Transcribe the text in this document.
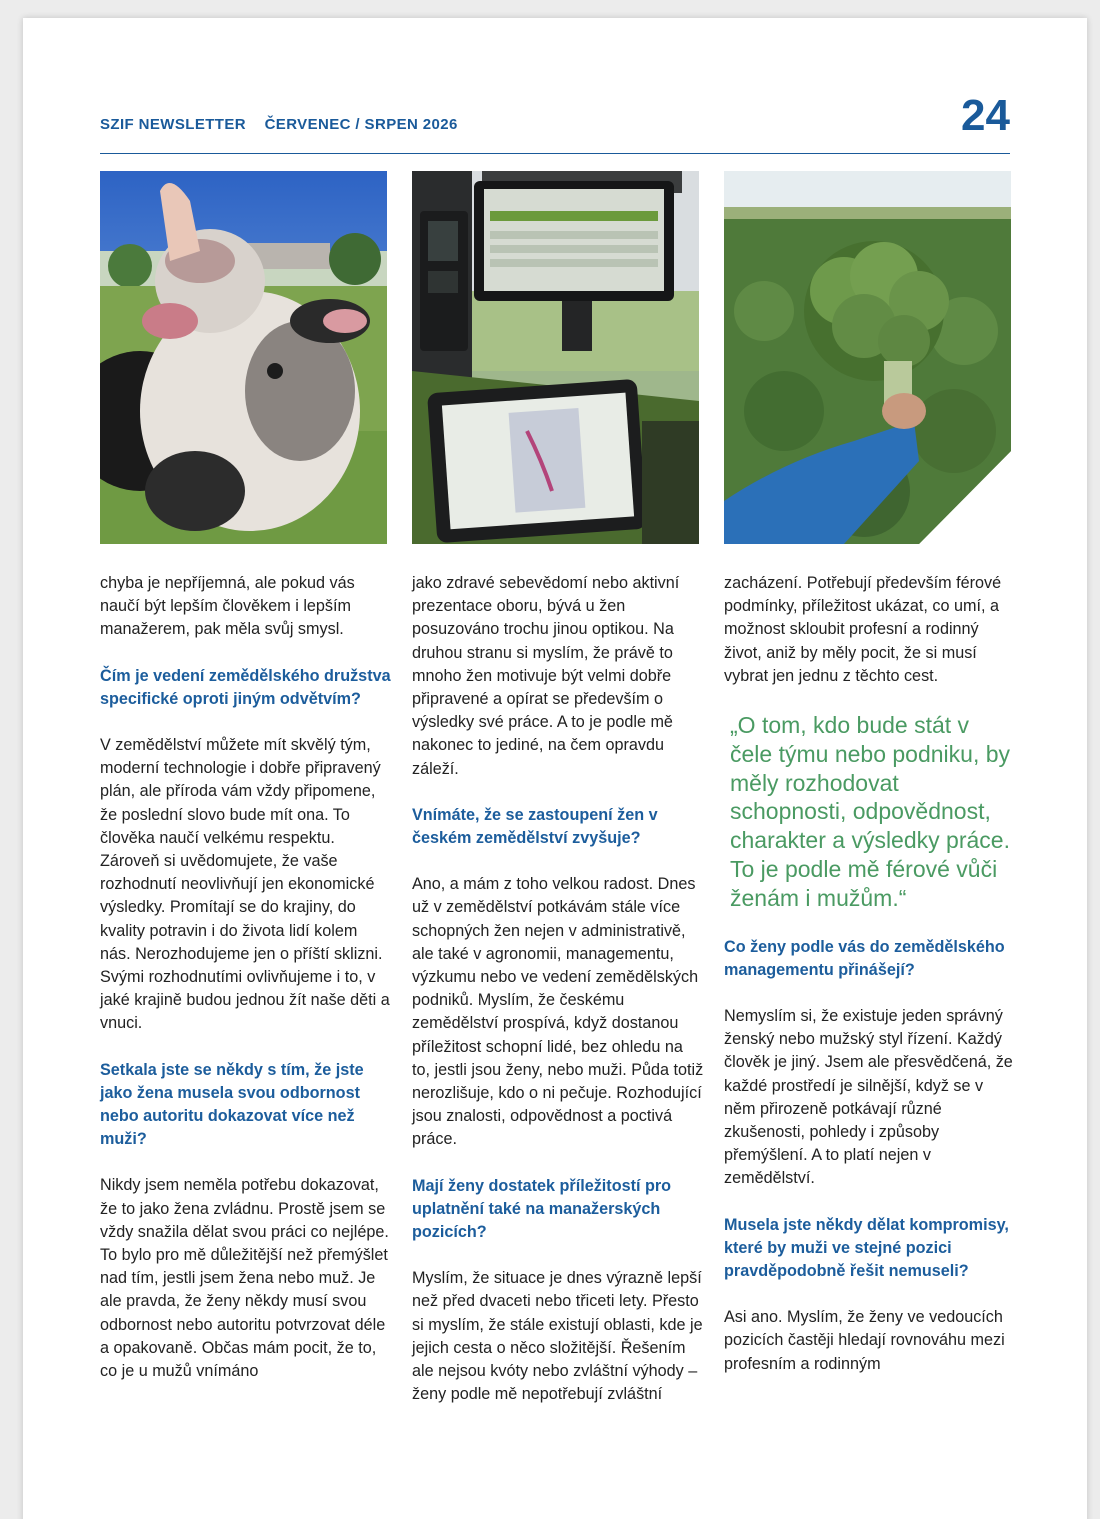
SZIF NEWSLETTER ČERVENEC / SRPEN 2026	24

chyba je nepříjemná, ale pokud vás naučí být lepším člověkem i lepším manažerem, pak měla svůj smysl.

Čím je vedení zemědělského družstva specifické oproti jiným odvětvím?

V zemědělství můžete mít skvělý tým, moderní technologie i dobře připravený plán, ale příroda vám vždy připomene, že poslední slovo bude mít ona. To člověka naučí velkému respektu. Zároveň si uvědomujete, že vaše rozhodnutí neovlivňují jen ekonomické výsledky. Promítají se do krajiny, do kvality potravin i do života lidí kolem nás. Nerozhodujeme jen o příští sklizni. Svými rozhodnutími ovlivňujeme i to, v jaké krajině budou jednou žít naše děti a vnuci.

Setkala jste se někdy s tím, že jste jako žena musela svou odbornost nebo autoritu dokazovat více než muži?

Nikdy jsem neměla potřebu dokazovat, že to jako žena zvládnu. Prostě jsem se vždy snažila dělat svou práci co nejlépe. To bylo pro mě důležitější než přemýšlet nad tím, jestli jsem žena nebo muž. Je ale pravda, že ženy někdy musí svou odbornost nebo autoritu potvrzovat déle a opakovaně. Občas mám pocit, že to, co je u mužů vnímáno

jako zdravé sebevědomí nebo aktivní prezentace oboru, bývá u žen posuzováno trochu jinou optikou. Na druhou stranu si myslím, že právě to mnoho žen motivuje být velmi dobře připravené a opírat se především o výsledky své práce. A to je podle mě nakonec to jediné, na čem opravdu záleží.

Vnímáte, že se zastoupení žen v českém zemědělství zvyšuje?

Ano, a mám z toho velkou radost. Dnes už v zemědělství potkávám stále více schopných žen nejen v administrativě, ale také v agronomii, managementu, výzkumu nebo ve vedení zemědělských podniků. Myslím, že českému zemědělství prospívá, když dostanou příležitost schopní lidé, bez ohledu na to, jestli jsou ženy, nebo muži. Půda totiž nerozlišuje, kdo o ni pečuje. Rozhodující jsou znalosti, odpovědnost a poctivá práce.

Mají ženy dostatek příležitostí pro uplatnění také na manažerských pozicích?

Myslím, že situace je dnes výrazně lepší než před dvaceti nebo třiceti lety. Přesto si myslím, že stále existují oblasti, kde je jejich cesta o něco složitější. Řešením ale nejsou kvóty nebo zvláštní výhody – ženy podle mě nepotřebují zvláštní

zacházení. Potřebují především férové podmínky, příležitost ukázat, co umí, a možnost skloubit profesní a rodinný život, aniž by měly pocit, že si musí vybrat jen jednu z těchto cest.

„O tom, kdo bude stát v čele týmu nebo podniku, by měly rozhodovat schopnosti, odpovědnost, charakter a výsledky práce. To je podle mě férové vůči ženám i mužům.“
Co ženy podle vás do zemědělského managementu přinášejí?

Nemyslím si, že existuje jeden správný ženský nebo mužský styl řízení. Každý člověk je jiný. Jsem ale přesvědčená, že každé prostředí je silnější, když se v něm přirozeně potkávají různé zkušenosti, pohledy i způsoby přemýšlení. A to platí nejen v zemědělství.

Musela jste někdy dělat kompromisy, které by muži ve stejné pozici pravděpodobně řešit nemuseli?

Asi ano. Myslím, že ženy ve vedoucích pozicích častěji hledají rovnováhu mezi profesním a rodinným
